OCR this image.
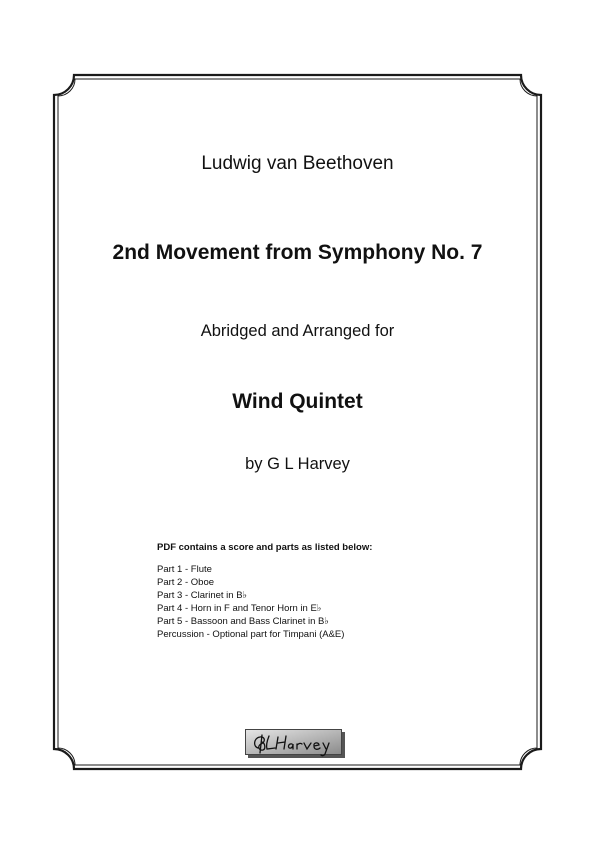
Ludwig van Beethoven
2nd Movement from Symphony No. 7
Abridged and Arranged for
Wind Quintet
by G L Harvey
PDF contains a score and parts as listed below:
Part 1 - Flute
Part 2 - Oboe
Part 3 - Clarinet in B♭
Part 4 - Horn in F and Tenor Horn in E♭
Part 5 - Bassoon and Bass Clarinet in B♭
Percussion - Optional part for Timpani (A&E)
